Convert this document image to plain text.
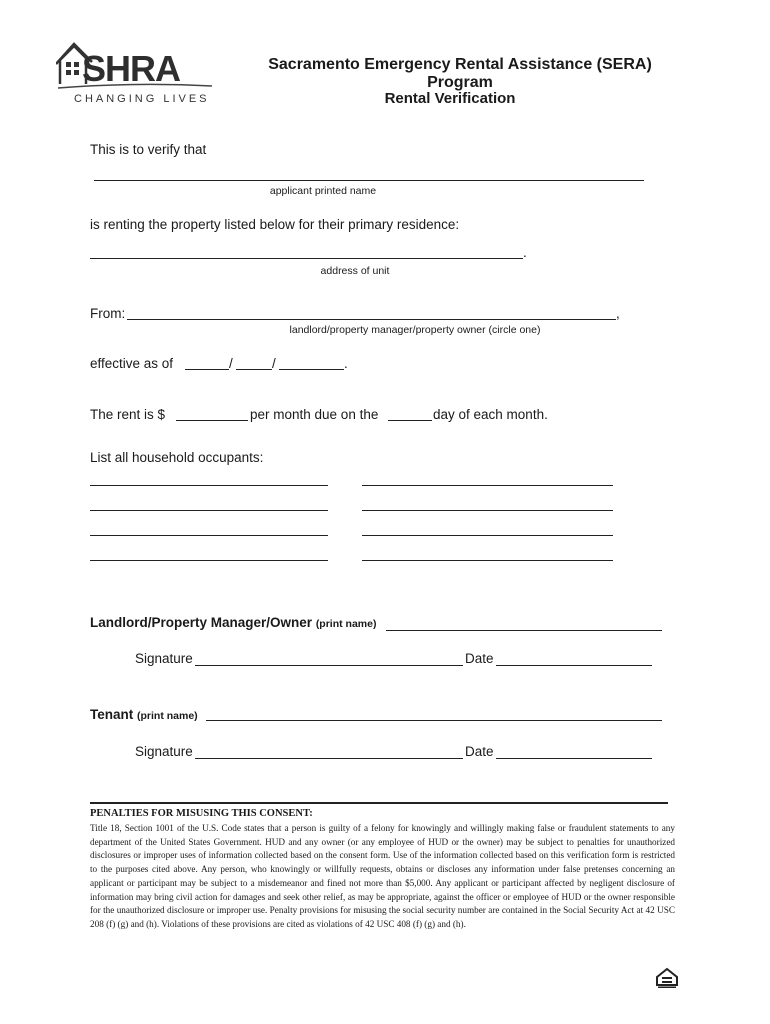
SHRA
CHANGING LIVES
Sacramento Emergency Rental Assistance (SERA) Program
Rental Verification
This is to verify that
applicant printed name
is renting the property listed below for their primary residence:
.
address of unit
From:	,
landlord/property manager/property owner (circle one)
effective as of	/	/	.
The rent is $	per month due on the	day of each month.
List all household occupants:
Landlord/Property Manager/Owner (print name)
Signature	Date
Tenant (print name)
Signature	Date
PENALTIES FOR MISUSING THIS CONSENT:
Title 18, Section 1001 of the U.S. Code states that a person is guilty of a felony for knowingly and willingly making false or fraudulent statements to any department of the United States Government. HUD and any owner (or any employee of HUD or the owner) may be subject to penalties for unauthorized disclosures or improper uses of information collected based on the consent form. Use of the information collected based on this verification form is restricted to the purposes cited above. Any person, who knowingly or willfully requests, obtains or discloses any information under false pretenses concerning an applicant or participant may be subject to a misdemeanor and fined not more than $5,000. Any applicant or participant affected by negligent disclosure of information may bring civil action for damages and seek other relief, as may be appropriate, against the officer or employee of HUD or the owner responsible for the unauthorized disclosure or improper use. Penalty provisions for misusing the social security number are contained in the Social Security Act at 42 USC 208 (f) (g) and (h). Violations of these provisions are cited as violations of 42 USC 408 (f) (g) and (h).
